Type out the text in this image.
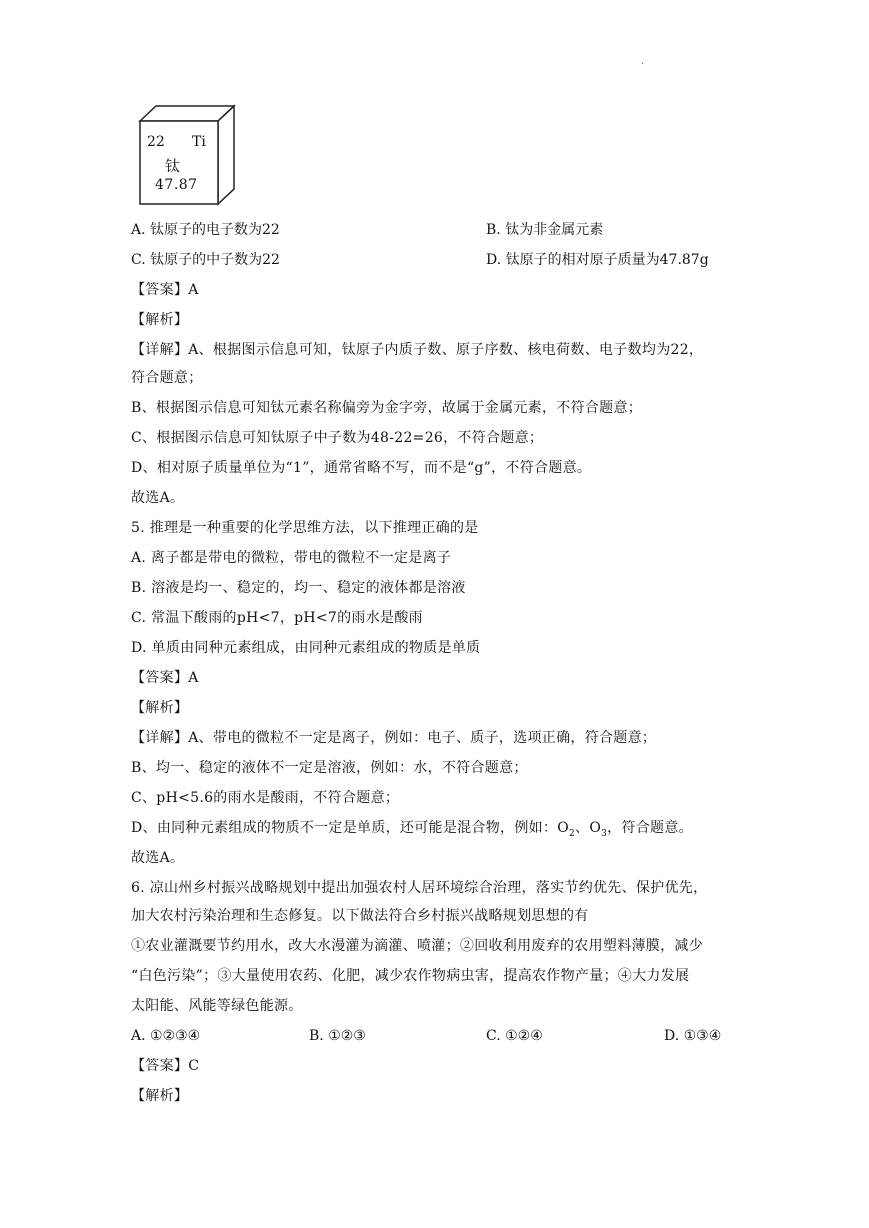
.
22 Ti
钛
47.87
A. 钛原子的电子数为22	B. 钛为非金属元素
C. 钛原子的中子数为22	D. 钛原子的相对原子质量为47.87g
【答案】A
【解析】
【详解】A、根据图示信息可知，钛原子内质子数、原子序数、核电荷数、电子数均为22，
符合题意；
B、根据图示信息可知钛元素名称偏旁为金字旁，故属于金属元素，不符合题意；
C、根据图示信息可知钛原子中子数为48-22=26，不符合题意；
D、相对原子质量单位为“1”，通常省略不写，而不是“g”，不符合题意。
故选A。
5. 推理是一种重要的化学思维方法，以下推理正确的是
A. 离子都是带电的微粒，带电的微粒不一定是离子
B. 溶液是均一、稳定的，均一、稳定的液体都是溶液
C. 常温下酸雨的pH<7，pH<7的雨水是酸雨
D. 单质由同种元素组成，由同种元素组成的物质是单质
【答案】A
【解析】
【详解】A、带电的微粒不一定是离子，例如：电子、质子，选项正确，符合题意；
B、均一、稳定的液体不一定是溶液，例如：水，不符合题意；
C、pH<5.6的雨水是酸雨，不符合题意；
D、由同种元素组成的物质不一定是单质，还可能是混合物，例如：$O_2$、$O_3$，符合题意。
故选A。
6. 凉山州乡村振兴战略规划中提出加强农村人居环境综合治理，落实节约优先、保护优先，
加大农村污染治理和生态修复。以下做法符合乡村振兴战略规划思想的有
①农业灌溉要节约用水，改大水漫灌为滴灌、喷灌；②回收利用废弃的农用塑料薄膜，减少
“白色污染”；③大量使用农药、化肥，减少农作物病虫害，提高农作物产量；④大力发展
太阳能、风能等绿色能源。
A. ①②③④	B. ①②③	C. ①②④	D. ①③④
【答案】C
【解析】
